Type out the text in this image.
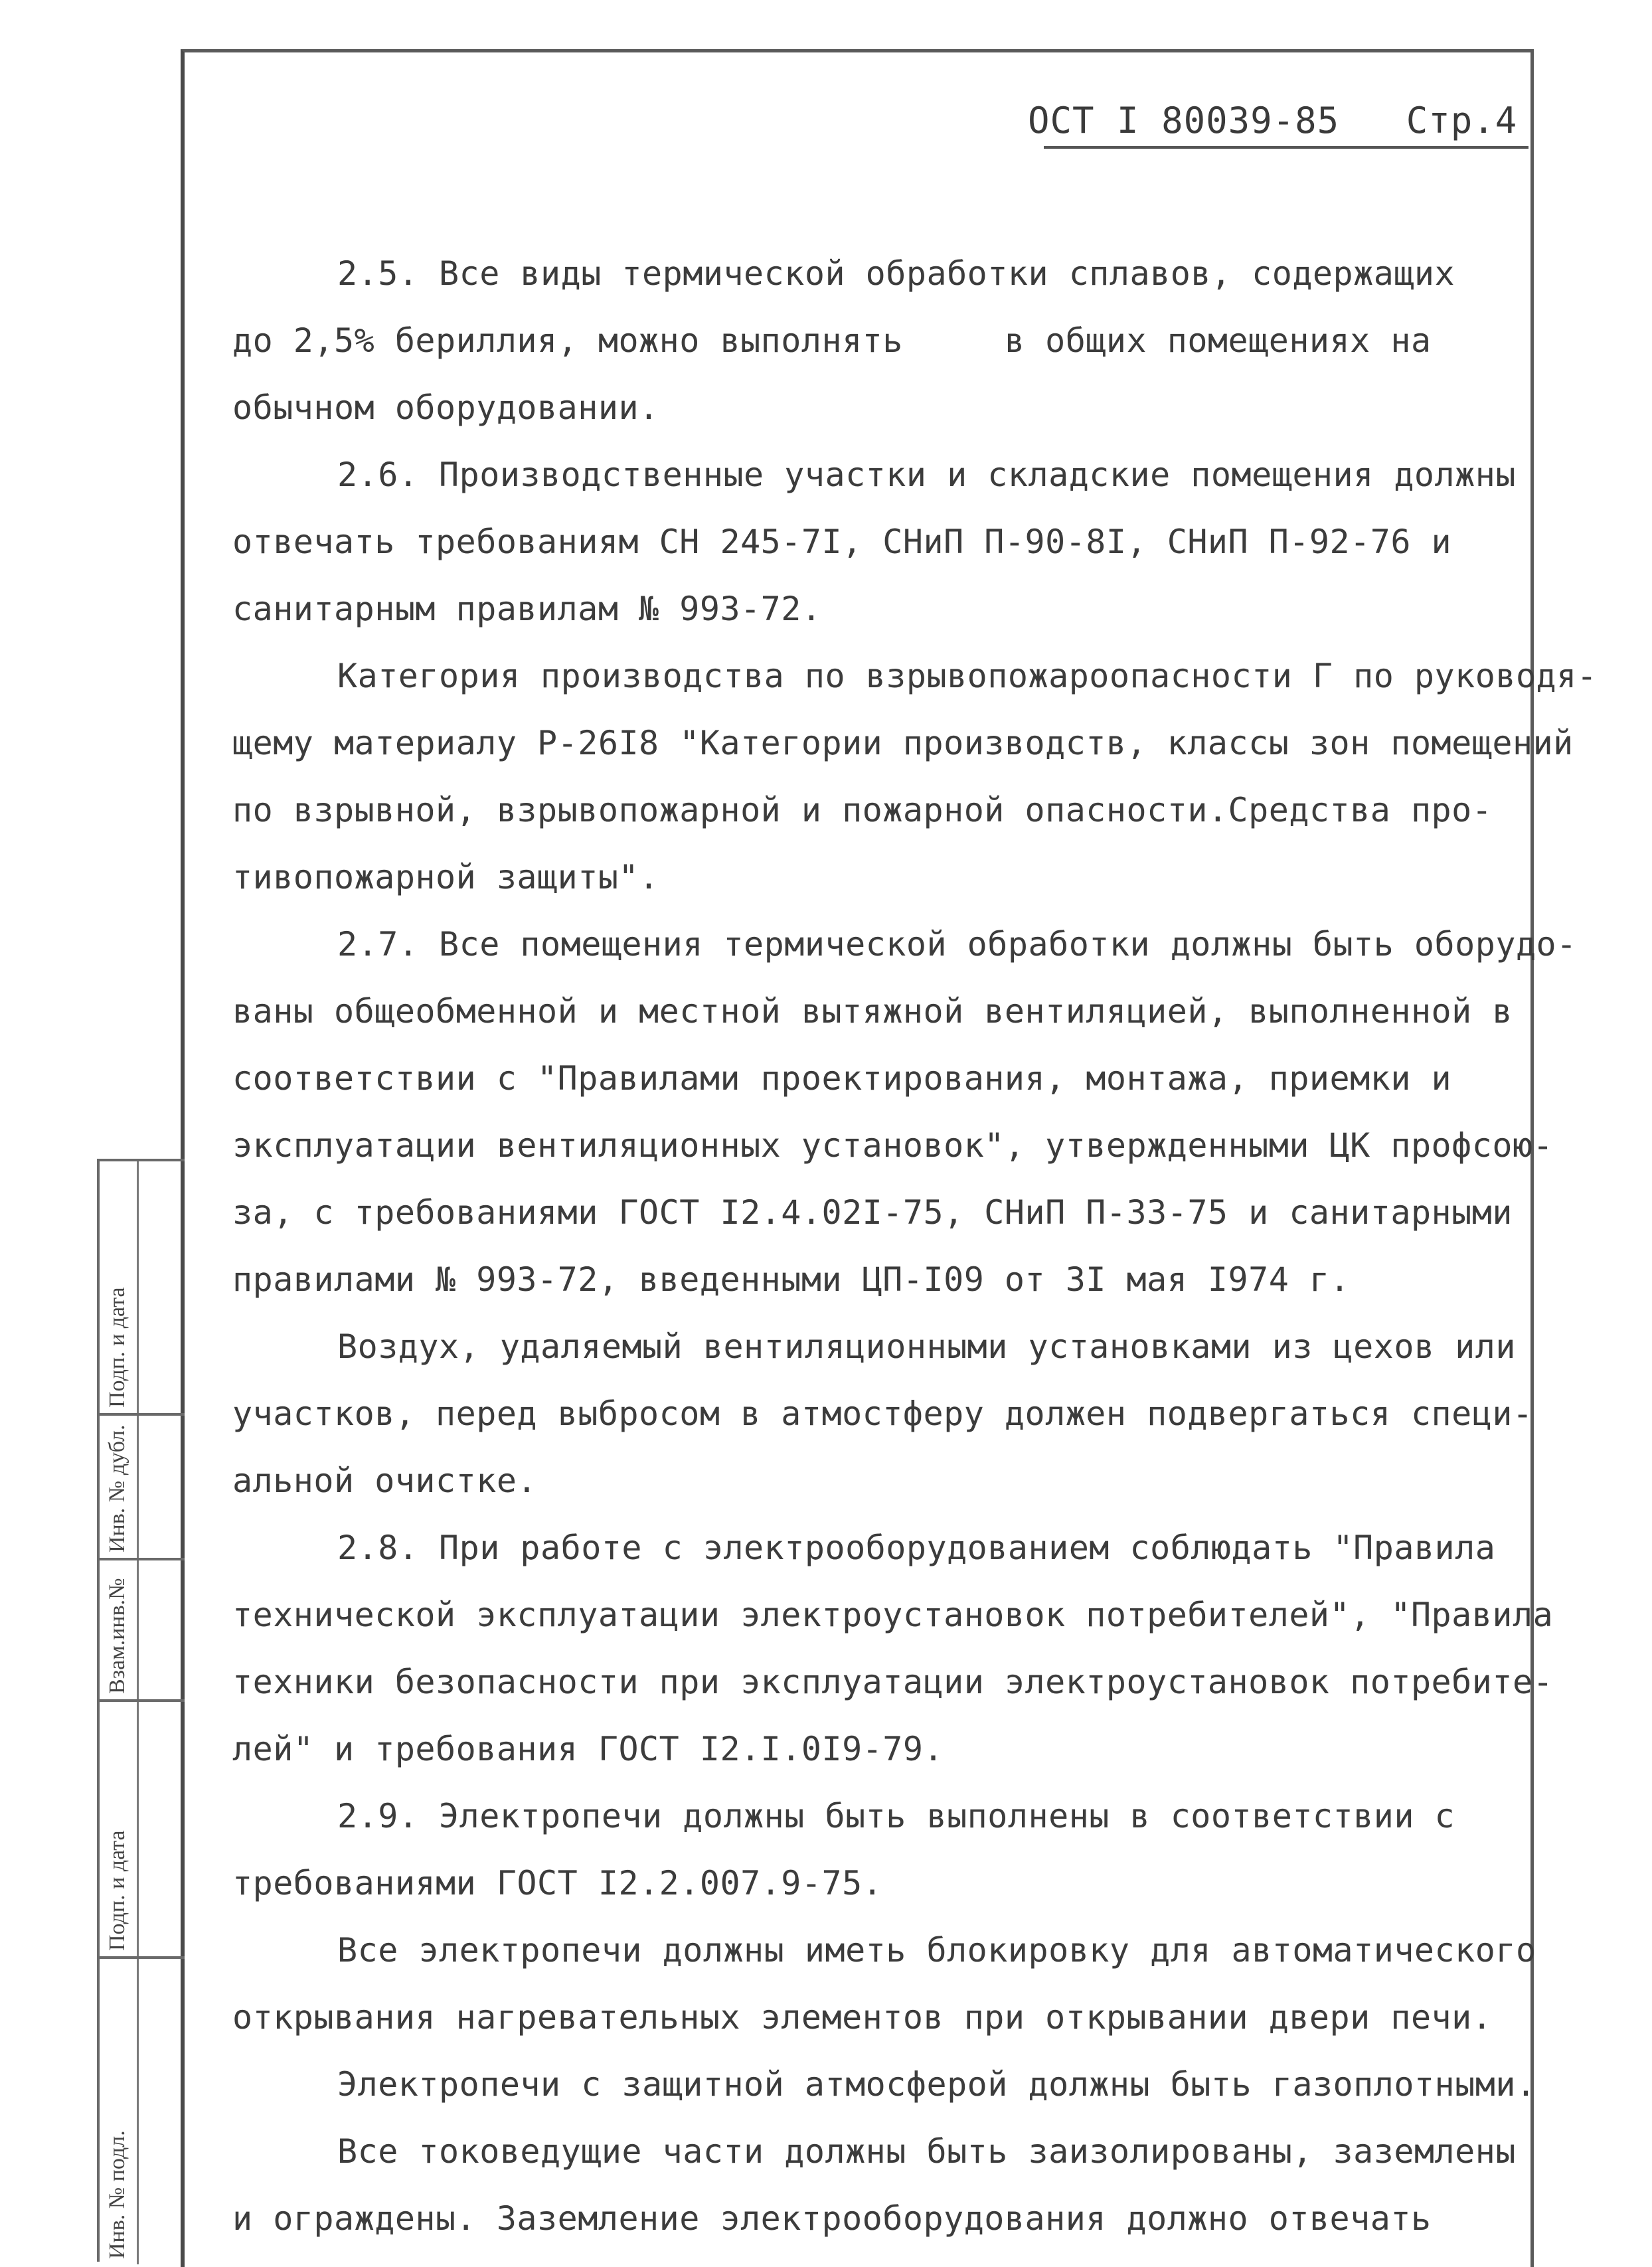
ОСТ I 80039-85 Стр.4
2.5. Все виды термической обработки сплавов, содержащих
до 2,5% бериллия, можно выполнять     в общих помещениях на
обычном оборудовании.
2.6. Производственные участки и складские помещения должны
отвечать требованиям СН 245-7I, СНиП П-90-8I, СНиП П-92-76 и
санитарным правилам № 993-72.
Категория производства по взрывопожароопасности Г по руководя-
щему материалу Р-26I8 "Категории производств, классы зон помещений
по взрывной, взрывопожарной и пожарной опасности.Средства про-
тивопожарной защиты".
2.7. Все помещения термической обработки должны быть оборудо-
ваны общеобменной и местной вытяжной вентиляцией, выполненной в
соответствии с "Правилами проектирования, монтажа, приемки и
эксплуатации вентиляционных установок", утвержденными ЦК профсою-
за, с требованиями ГОСТ I2.4.02I-75, СНиП П-33-75 и санитарными
правилами № 993-72, введенными ЦП-I09 от 3I мая I974 г.
Воздух, удаляемый вентиляционными установками из цехов или
участков, перед выбросом в атмостферу должен подвергаться специ-
альной очистке.
2.8. При работе с электрооборудованием соблюдать "Правила
технической эксплуатации электроустановок потребителей", "Правила
техники безопасности при эксплуатации электроустановок потребите-
лей" и требования ГОСТ I2.I.0I9-79.
2.9. Электропечи должны быть выполнены в соответствии с
требованиями ГОСТ I2.2.007.9-75.
Все электропечи должны иметь блокировку для автоматического
открывания нагревательных элементов при открывании двери печи.
Электропечи с защитной атмосферой должны быть газоплотными.
Все токоведущие части должны быть заизолированы, заземлены
и ограждены. Заземление электрооборудования должно отвечать
Подп. и дата
Инв. № дубл.
Взам.инв.№
Подп. и дата
Инв. № подл.
